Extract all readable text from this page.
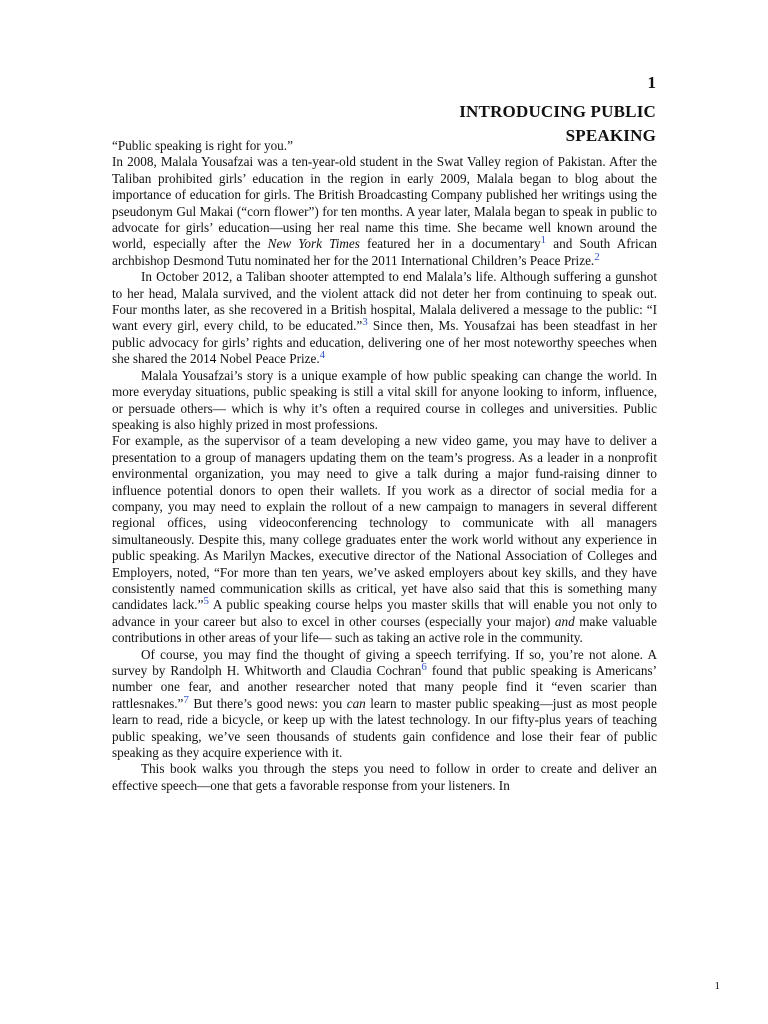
1
INTRODUCING PUBLIC
SPEAKING

“Public speaking is right for you.”

In 2008, Malala Yousafzai was a ten-year-old student in the Swat Valley region of Pakistan. After the Taliban prohibited girls’ education in the region in early 2009, Malala began to blog about the importance of education for girls. The British Broadcasting Company published her writings using the pseudonym Gul Makai (“corn flower”) for ten months. A year later, Malala began to speak in public to advocate for girls’ education—using her real name this time. She became well known around the world, especially after the New York Times featured her in a documentary$^1$ and South African archbishop Desmond Tutu nominated her for the 2011 International Children’s Peace Prize.$^2$

In October 2012, a Taliban shooter attempted to end Malala’s life. Although suffering a gunshot to her head, Malala survived, and the violent attack did not deter her from continuing to speak out. Four months later, as she recovered in a British hospital, Malala delivered a message to the public: “I want every girl, every child, to be educated.”$^3$ Since then, Ms. Yousafzai has been steadfast in her public advocacy for girls’ rights and education, delivering one of her most noteworthy speeches when she shared the 2014 Nobel Peace Prize.$^4$

Malala Yousafzai’s story is a unique example of how public speaking can change the world. In more everyday situations, public speaking is still a vital skill for anyone looking to inform, influence, or persuade others— which is why it’s often a required course in colleges and universities. Public speaking is also highly prized in most professions.

For example, as the supervisor of a team developing a new video game, you may have to deliver a presentation to a group of managers updating them on the team’s progress. As a leader in a nonprofit environmental organization, you may need to give a talk during a major fund-raising dinner to influence potential donors to open their wallets. If you work as a director of social media for a company, you may need to explain the rollout of a new campaign to managers in several different regional offices, using videoconferencing technology to communicate with all managers simultaneously. Despite this, many college graduates enter the work world without any experience in public speaking. As Marilyn Mackes, executive director of the National Association of Colleges and Employers, noted, “For more than ten years, we’ve asked employers about key skills, and they have consistently named communication skills as critical, yet have also said that this is something many candidates lack.”$^5$ A public speaking course helps you master skills that will enable you not only to advance in your career but also to excel in other courses (especially your major) and make valuable contributions in other areas of your life— such as taking an active role in the community.

Of course, you may find the thought of giving a speech terrifying. If so, you’re not alone. A survey by Randolph H. Whitworth and Claudia Cochran$^6$ found that public speaking is Americans’ number one fear, and another researcher noted that many people find it “even scarier than rattlesnakes.”$^7$ But there’s good news: you can learn to master public speaking—just as most people learn to read, ride a bicycle, or keep up with the latest technology. In our fifty-plus years of teaching public speaking, we’ve seen thousands of students gain confidence and lose their fear of public speaking as they acquire experience with it.

This book walks you through the steps you need to follow in order to create and deliver an effective speech—one that gets a favorable response from your listeners. In

1
